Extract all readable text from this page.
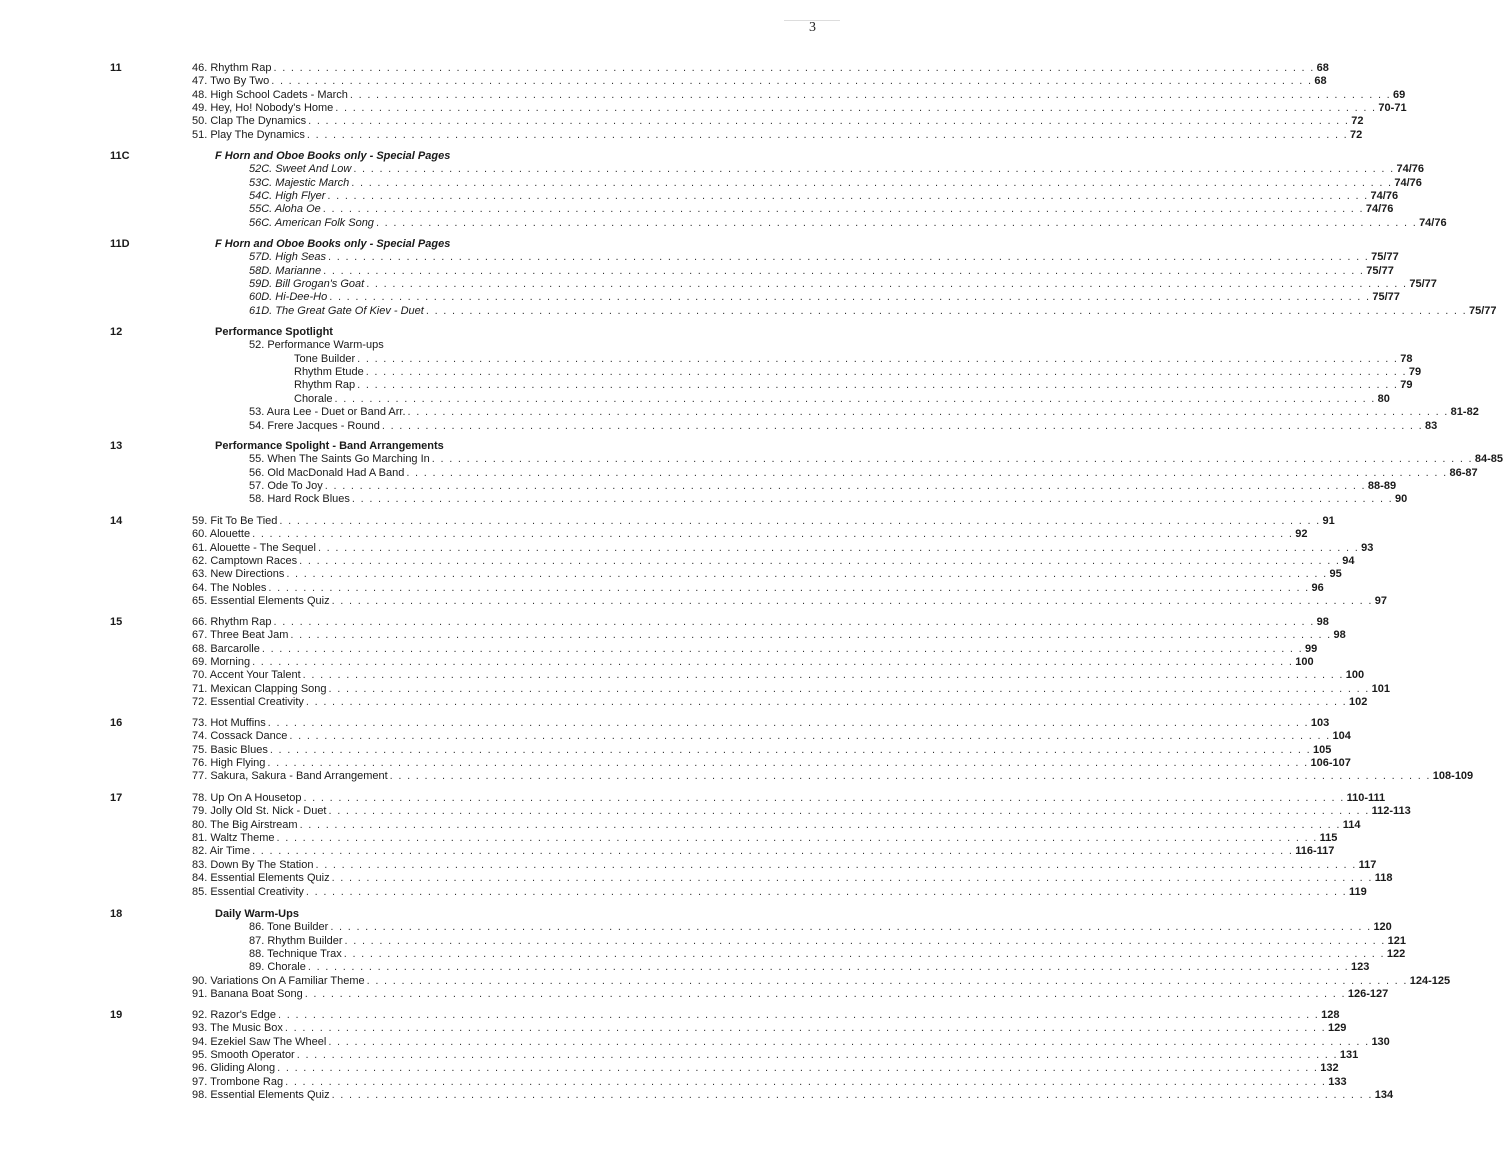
3
11	46. Rhythm Rap . . . . . . . . . . . . . . . . . . . . . . . . . . . . . . . . . . . . . . . . . . . . . . . . . . . . . . . . . . . . . . . . . . . . . . . . . . . . . . . . . . . . . . . . . . . . . . . . . . . . . . . . . . . . . . . . . . . . . . . . 68
47. Two By Two . . . . . . . . . . . . . . . . . . . . . . . . . . . . . . . . . . . . . . . . . . . . . . . . . . . . . . . . . . . . . . . . . . . . . . . . . . . . . . . . . . . . . . . . . . . . . . . . . . . . . . . . . . . . . . . . . . . . . . . . 68
48. High School Cadets - March . . . . . . . . . . . . . . . . . . . . . . . . . . . . . . . . . . . . . . . . . . . . . . . . . . . . . . . . . . . . . . . . . . . . . . . . . . . . . . . . . . . . . . . . . . . . . . . . . . . . . . . . . . . . . . . . . . . . . . . . 69
49. Hey, Ho! Nobody's Home . . . . . . . . . . . . . . . . . . . . . . . . . . . . . . . . . . . . . . . . . . . . . . . . . . . . . . . . . . . . . . . . . . . . . . . . . . . . . . . . . . . . . . . . . . . . . . . . . . . . . . . . . . . . . . . . . . . . . . . . 70-71
50. Clap The Dynamics . . . . . . . . . . . . . . . . . . . . . . . . . . . . . . . . . . . . . . . . . . . . . . . . . . . . . . . . . . . . . . . . . . . . . . . . . . . . . . . . . . . . . . . . . . . . . . . . . . . . . . . . . . . . . . . . . . . . . . . . 72
51. Play The Dynamics . . . . . . . . . . . . . . . . . . . . . . . . . . . . . . . . . . . . . . . . . . . . . . . . . . . . . . . . . . . . . . . . . . . . . . . . . . . . . . . . . . . . . . . . . . . . . . . . . . . . . . . . . . . . . . . . . . . . . . . . 72
11C	F Horn and Oboe Books only - Special Pages
52C. Sweet And Low . . . . . . . . . . . . . . . . . . . . . . . . . . . . . . . . . . . . . . . . . . . . . . . . . . . . . . . . . . . . . . . . . . . . . . . . . . . . . . . . . . . . . . . . . . . . . . . . . . . . . . . . . . . . . . . . . . . . . . . . 74/76
53C. Majestic March . . . . . . . . . . . . . . . . . . . . . . . . . . . . . . . . . . . . . . . . . . . . . . . . . . . . . . . . . . . . . . . . . . . . . . . . . . . . . . . . . . . . . . . . . . . . . . . . . . . . . . . . . . . . . . . . . . . . . . . . 74/76
54C. High Flyer . . . . . . . . . . . . . . . . . . . . . . . . . . . . . . . . . . . . . . . . . . . . . . . . . . . . . . . . . . . . . . . . . . . . . . . . . . . . . . . . . . . . . . . . . . . . . . . . . . . . . . . . . . . . . . . . . . . . . . . . 74/76
55C. Aloha Oe . . . . . . . . . . . . . . . . . . . . . . . . . . . . . . . . . . . . . . . . . . . . . . . . . . . . . . . . . . . . . . . . . . . . . . . . . . . . . . . . . . . . . . . . . . . . . . . . . . . . . . . . . . . . . . . . . . . . . . . . 74/76
56C. American Folk Song . . . . . . . . . . . . . . . . . . . . . . . . . . . . . . . . . . . . . . . . . . . . . . . . . . . . . . . . . . . . . . . . . . . . . . . . . . . . . . . . . . . . . . . . . . . . . . . . . . . . . . . . . . . . . . . . . . . . . . . . 74/76
11D	F Horn and Oboe Books only - Special Pages
57D. High Seas . . . . . . . . . . . . . . . . . . . . . . . . . . . . . . . . . . . . . . . . . . . . . . . . . . . . . . . . . . . . . . . . . . . . . . . . . . . . . . . . . . . . . . . . . . . . . . . . . . . . . . . . . . . . . . . . . . . . . . . . 75/77
58D. Marianne . . . . . . . . . . . . . . . . . . . . . . . . . . . . . . . . . . . . . . . . . . . . . . . . . . . . . . . . . . . . . . . . . . . . . . . . . . . . . . . . . . . . . . . . . . . . . . . . . . . . . . . . . . . . . . . . . . . . . . . . 75/77
59D. Bill Grogan's Goat . . . . . . . . . . . . . . . . . . . . . . . . . . . . . . . . . . . . . . . . . . . . . . . . . . . . . . . . . . . . . . . . . . . . . . . . . . . . . . . . . . . . . . . . . . . . . . . . . . . . . . . . . . . . . . . . . . . . . . . . 75/77
60D. Hi-Dee-Ho . . . . . . . . . . . . . . . . . . . . . . . . . . . . . . . . . . . . . . . . . . . . . . . . . . . . . . . . . . . . . . . . . . . . . . . . . . . . . . . . . . . . . . . . . . . . . . . . . . . . . . . . . . . . . . . . . . . . . . . . 75/77
61D. The Great Gate Of Kiev - Duet . . . . . . . . . . . . . . . . . . . . . . . . . . . . . . . . . . . . . . . . . . . . . . . . . . . . . . . . . . . . . . . . . . . . . . . . . . . . . . . . . . . . . . . . . . . . . . . . . . . . . . . . . . . . . . . . . . . . . . . . 75/77
12	Performance Spotlight
52. Performance Warm-ups
Tone Builder . . . . . . . . . . . . . . . . . . . . . . . . . . . . . . . . . . . . . . . . . . . . . . . . . . . . . . . . . . . . . . . . . . . . . . . . . . . . . . . . . . . . . . . . . . . . . . . . . . . . . . . . . . . . . . . . . . . . . . . . 78
Rhythm Etude . . . . . . . . . . . . . . . . . . . . . . . . . . . . . . . . . . . . . . . . . . . . . . . . . . . . . . . . . . . . . . . . . . . . . . . . . . . . . . . . . . . . . . . . . . . . . . . . . . . . . . . . . . . . . . . . . . . . . . . . 79
Rhythm Rap . . . . . . . . . . . . . . . . . . . . . . . . . . . . . . . . . . . . . . . . . . . . . . . . . . . . . . . . . . . . . . . . . . . . . . . . . . . . . . . . . . . . . . . . . . . . . . . . . . . . . . . . . . . . . . . . . . . . . . . . 79
Chorale . . . . . . . . . . . . . . . . . . . . . . . . . . . . . . . . . . . . . . . . . . . . . . . . . . . . . . . . . . . . . . . . . . . . . . . . . . . . . . . . . . . . . . . . . . . . . . . . . . . . . . . . . . . . . . . . . . . . . . . . 80
53. Aura Lee - Duet or Band Arr. . . . . . . . . . . . . . . . . . . . . . . . . . . . . . . . . . . . . . . . . . . . . . . . . . . . . . . . . . . . . . . . . . . . . . . . . . . . . . . . . . . . . . . . . . . . . . . . . . . . . . . . . . . . . . . . . . . . . . . . . 81-82
54. Frere Jacques - Round . . . . . . . . . . . . . . . . . . . . . . . . . . . . . . . . . . . . . . . . . . . . . . . . . . . . . . . . . . . . . . . . . . . . . . . . . . . . . . . . . . . . . . . . . . . . . . . . . . . . . . . . . . . . . . . . . . . . . . . . 83
13	Performance Spolight - Band Arrangements
55. When The Saints Go Marching In . . . . . . . . . . . . . . . . . . . . . . . . . . . . . . . . . . . . . . . . . . . . . . . . . . . . . . . . . . . . . . . . . . . . . . . . . . . . . . . . . . . . . . . . . . . . . . . . . . . . . . . . . . . . . . . . . . . . . . . . 84-85
56. Old MacDonald Had A Band . . . . . . . . . . . . . . . . . . . . . . . . . . . . . . . . . . . . . . . . . . . . . . . . . . . . . . . . . . . . . . . . . . . . . . . . . . . . . . . . . . . . . . . . . . . . . . . . . . . . . . . . . . . . . . . . . . . . . . . . 86-87
57. Ode To Joy . . . . . . . . . . . . . . . . . . . . . . . . . . . . . . . . . . . . . . . . . . . . . . . . . . . . . . . . . . . . . . . . . . . . . . . . . . . . . . . . . . . . . . . . . . . . . . . . . . . . . . . . . . . . . . . . . . . . . . . . 88-89
58. Hard Rock Blues . . . . . . . . . . . . . . . . . . . . . . . . . . . . . . . . . . . . . . . . . . . . . . . . . . . . . . . . . . . . . . . . . . . . . . . . . . . . . . . . . . . . . . . . . . . . . . . . . . . . . . . . . . . . . . . . . . . . . . . . 90
14	59. Fit To Be Tied . . . . . . . . . . . . . . . . . . . . . . . . . . . . . . . . . . . . . . . . . . . . . . . . . . . . . . . . . . . . . . . . . . . . . . . . . . . . . . . . . . . . . . . . . . . . . . . . . . . . . . . . . . . . . . . . . . . . . . . . 91
60. Alouette . . . . . . . . . . . . . . . . . . . . . . . . . . . . . . . . . . . . . . . . . . . . . . . . . . . . . . . . . . . . . . . . . . . . . . . . . . . . . . . . . . . . . . . . . . . . . . . . . . . . . . . . . . . . . . . . . . . . . . . . 92
61. Alouette - The Sequel . . . . . . . . . . . . . . . . . . . . . . . . . . . . . . . . . . . . . . . . . . . . . . . . . . . . . . . . . . . . . . . . . . . . . . . . . . . . . . . . . . . . . . . . . . . . . . . . . . . . . . . . . . . . . . . . . . . . . . . . 93
62. Camptown Races . . . . . . . . . . . . . . . . . . . . . . . . . . . . . . . . . . . . . . . . . . . . . . . . . . . . . . . . . . . . . . . . . . . . . . . . . . . . . . . . . . . . . . . . . . . . . . . . . . . . . . . . . . . . . . . . . . . . . . . . 94
63. New Directions . . . . . . . . . . . . . . . . . . . . . . . . . . . . . . . . . . . . . . . . . . . . . . . . . . . . . . . . . . . . . . . . . . . . . . . . . . . . . . . . . . . . . . . . . . . . . . . . . . . . . . . . . . . . . . . . . . . . . . . . 95
64. The Nobles . . . . . . . . . . . . . . . . . . . . . . . . . . . . . . . . . . . . . . . . . . . . . . . . . . . . . . . . . . . . . . . . . . . . . . . . . . . . . . . . . . . . . . . . . . . . . . . . . . . . . . . . . . . . . . . . . . . . . . . . 96
65. Essential Elements Quiz . . . . . . . . . . . . . . . . . . . . . . . . . . . . . . . . . . . . . . . . . . . . . . . . . . . . . . . . . . . . . . . . . . . . . . . . . . . . . . . . . . . . . . . . . . . . . . . . . . . . . . . . . . . . . . . . . . . . . . . . 97
15	66. Rhythm Rap . . . . . . . . . . . . . . . . . . . . . . . . . . . . . . . . . . . . . . . . . . . . . . . . . . . . . . . . . . . . . . . . . . . . . . . . . . . . . . . . . . . . . . . . . . . . . . . . . . . . . . . . . . . . . . . . . . . . . . . . 98
67. Three Beat Jam . . . . . . . . . . . . . . . . . . . . . . . . . . . . . . . . . . . . . . . . . . . . . . . . . . . . . . . . . . . . . . . . . . . . . . . . . . . . . . . . . . . . . . . . . . . . . . . . . . . . . . . . . . . . . . . . . . . . . . . . 98
68. Barcarolle . . . . . . . . . . . . . . . . . . . . . . . . . . . . . . . . . . . . . . . . . . . . . . . . . . . . . . . . . . . . . . . . . . . . . . . . . . . . . . . . . . . . . . . . . . . . . . . . . . . . . . . . . . . . . . . . . . . . . . . . 99
69. Morning . . . . . . . . . . . . . . . . . . . . . . . . . . . . . . . . . . . . . . . . . . . . . . . . . . . . . . . . . . . . . . . . . . . . . . . . . . . . . . . . . . . . . . . . . . . . . . . . . . . . . . . . . . . . . . . . . . . . . . . . 100
70. Accent Your Talent . . . . . . . . . . . . . . . . . . . . . . . . . . . . . . . . . . . . . . . . . . . . . . . . . . . . . . . . . . . . . . . . . . . . . . . . . . . . . . . . . . . . . . . . . . . . . . . . . . . . . . . . . . . . . . . . . . . . . . . . 100
71. Mexican Clapping Song . . . . . . . . . . . . . . . . . . . . . . . . . . . . . . . . . . . . . . . . . . . . . . . . . . . . . . . . . . . . . . . . . . . . . . . . . . . . . . . . . . . . . . . . . . . . . . . . . . . . . . . . . . . . . . . . . . . . . . . . 101
72. Essential Creativity . . . . . . . . . . . . . . . . . . . . . . . . . . . . . . . . . . . . . . . . . . . . . . . . . . . . . . . . . . . . . . . . . . . . . . . . . . . . . . . . . . . . . . . . . . . . . . . . . . . . . . . . . . . . . . . . . . . . . . . . 102
16	73. Hot Muffins . . . . . . . . . . . . . . . . . . . . . . . . . . . . . . . . . . . . . . . . . . . . . . . . . . . . . . . . . . . . . . . . . . . . . . . . . . . . . . . . . . . . . . . . . . . . . . . . . . . . . . . . . . . . . . . . . . . . . . . . 103
74. Cossack Dance . . . . . . . . . . . . . . . . . . . . . . . . . . . . . . . . . . . . . . . . . . . . . . . . . . . . . . . . . . . . . . . . . . . . . . . . . . . . . . . . . . . . . . . . . . . . . . . . . . . . . . . . . . . . . . . . . . . . . . . . 104
75. Basic Blues . . . . . . . . . . . . . . . . . . . . . . . . . . . . . . . . . . . . . . . . . . . . . . . . . . . . . . . . . . . . . . . . . . . . . . . . . . . . . . . . . . . . . . . . . . . . . . . . . . . . . . . . . . . . . . . . . . . . . . . . 105
76. High Flying . . . . . . . . . . . . . . . . . . . . . . . . . . . . . . . . . . . . . . . . . . . . . . . . . . . . . . . . . . . . . . . . . . . . . . . . . . . . . . . . . . . . . . . . . . . . . . . . . . . . . . . . . . . . . . . . . . . . . . . . 106-107
77. Sakura, Sakura - Band Arrangement . . . . . . . . . . . . . . . . . . . . . . . . . . . . . . . . . . . . . . . . . . . . . . . . . . . . . . . . . . . . . . . . . . . . . . . . . . . . . . . . . . . . . . . . . . . . . . . . . . . . . . . . . . . . . . . . . . . . . . . . 108-109
17	78. Up On A Housetop . . . . . . . . . . . . . . . . . . . . . . . . . . . . . . . . . . . . . . . . . . . . . . . . . . . . . . . . . . . . . . . . . . . . . . . . . . . . . . . . . . . . . . . . . . . . . . . . . . . . . . . . . . . . . . . . . . . . . . . . 110-111
79. Jolly Old St. Nick - Duet . . . . . . . . . . . . . . . . . . . . . . . . . . . . . . . . . . . . . . . . . . . . . . . . . . . . . . . . . . . . . . . . . . . . . . . . . . . . . . . . . . . . . . . . . . . . . . . . . . . . . . . . . . . . . . . . . . . . . . . . 112-113
80. The Big Airstream . . . . . . . . . . . . . . . . . . . . . . . . . . . . . . . . . . . . . . . . . . . . . . . . . . . . . . . . . . . . . . . . . . . . . . . . . . . . . . . . . . . . . . . . . . . . . . . . . . . . . . . . . . . . . . . . . . . . . . . . 114
81. Waltz Theme . . . . . . . . . . . . . . . . . . . . . . . . . . . . . . . . . . . . . . . . . . . . . . . . . . . . . . . . . . . . . . . . . . . . . . . . . . . . . . . . . . . . . . . . . . . . . . . . . . . . . . . . . . . . . . . . . . . . . . . . 115
82. Air Time . . . . . . . . . . . . . . . . . . . . . . . . . . . . . . . . . . . . . . . . . . . . . . . . . . . . . . . . . . . . . . . . . . . . . . . . . . . . . . . . . . . . . . . . . . . . . . . . . . . . . . . . . . . . . . . . . . . . . . . . 116-117
83. Down By The Station . . . . . . . . . . . . . . . . . . . . . . . . . . . . . . . . . . . . . . . . . . . . . . . . . . . . . . . . . . . . . . . . . . . . . . . . . . . . . . . . . . . . . . . . . . . . . . . . . . . . . . . . . . . . . . . . . . . . . . . . 117
84. Essential Elements Quiz . . . . . . . . . . . . . . . . . . . . . . . . . . . . . . . . . . . . . . . . . . . . . . . . . . . . . . . . . . . . . . . . . . . . . . . . . . . . . . . . . . . . . . . . . . . . . . . . . . . . . . . . . . . . . . . . . . . . . . . . 118
85. Essential Creativity . . . . . . . . . . . . . . . . . . . . . . . . . . . . . . . . . . . . . . . . . . . . . . . . . . . . . . . . . . . . . . . . . . . . . . . . . . . . . . . . . . . . . . . . . . . . . . . . . . . . . . . . . . . . . . . . . . . . . . . . 119
18	Daily Warm-Ups
86. Tone Builder . . . . . . . . . . . . . . . . . . . . . . . . . . . . . . . . . . . . . . . . . . . . . . . . . . . . . . . . . . . . . . . . . . . . . . . . . . . . . . . . . . . . . . . . . . . . . . . . . . . . . . . . . . . . . . . . . . . . . . . . 120
87. Rhythm Builder . . . . . . . . . . . . . . . . . . . . . . . . . . . . . . . . . . . . . . . . . . . . . . . . . . . . . . . . . . . . . . . . . . . . . . . . . . . . . . . . . . . . . . . . . . . . . . . . . . . . . . . . . . . . . . . . . . . . . . . . 121
88. Technique Trax . . . . . . . . . . . . . . . . . . . . . . . . . . . . . . . . . . . . . . . . . . . . . . . . . . . . . . . . . . . . . . . . . . . . . . . . . . . . . . . . . . . . . . . . . . . . . . . . . . . . . . . . . . . . . . . . . . . . . . . . 122
89. Chorale . . . . . . . . . . . . . . . . . . . . . . . . . . . . . . . . . . . . . . . . . . . . . . . . . . . . . . . . . . . . . . . . . . . . . . . . . . . . . . . . . . . . . . . . . . . . . . . . . . . . . . . . . . . . . . . . . . . . . . . . 123
90. Variations On A Familiar Theme . . . . . . . . . . . . . . . . . . . . . . . . . . . . . . . . . . . . . . . . . . . . . . . . . . . . . . . . . . . . . . . . . . . . . . . . . . . . . . . . . . . . . . . . . . . . . . . . . . . . . . . . . . . . . . . . . . . . . . . . 124-125
91. Banana Boat Song . . . . . . . . . . . . . . . . . . . . . . . . . . . . . . . . . . . . . . . . . . . . . . . . . . . . . . . . . . . . . . . . . . . . . . . . . . . . . . . . . . . . . . . . . . . . . . . . . . . . . . . . . . . . . . . . . . . . . . . . 126-127
19	92. Razor's Edge . . . . . . . . . . . . . . . . . . . . . . . . . . . . . . . . . . . . . . . . . . . . . . . . . . . . . . . . . . . . . . . . . . . . . . . . . . . . . . . . . . . . . . . . . . . . . . . . . . . . . . . . . . . . . . . . . . . . . . . . 128
93. The Music Box . . . . . . . . . . . . . . . . . . . . . . . . . . . . . . . . . . . . . . . . . . . . . . . . . . . . . . . . . . . . . . . . . . . . . . . . . . . . . . . . . . . . . . . . . . . . . . . . . . . . . . . . . . . . . . . . . . . . . . . . 129
94. Ezekiel Saw The Wheel . . . . . . . . . . . . . . . . . . . . . . . . . . . . . . . . . . . . . . . . . . . . . . . . . . . . . . . . . . . . . . . . . . . . . . . . . . . . . . . . . . . . . . . . . . . . . . . . . . . . . . . . . . . . . . . . . . . . . . . . 130
95. Smooth Operator . . . . . . . . . . . . . . . . . . . . . . . . . . . . . . . . . . . . . . . . . . . . . . . . . . . . . . . . . . . . . . . . . . . . . . . . . . . . . . . . . . . . . . . . . . . . . . . . . . . . . . . . . . . . . . . . . . . . . . . . 131
96. Gliding Along . . . . . . . . . . . . . . . . . . . . . . . . . . . . . . . . . . . . . . . . . . . . . . . . . . . . . . . . . . . . . . . . . . . . . . . . . . . . . . . . . . . . . . . . . . . . . . . . . . . . . . . . . . . . . . . . . . . . . . . . 132
97. Trombone Rag . . . . . . . . . . . . . . . . . . . . . . . . . . . . . . . . . . . . . . . . . . . . . . . . . . . . . . . . . . . . . . . . . . . . . . . . . . . . . . . . . . . . . . . . . . . . . . . . . . . . . . . . . . . . . . . . . . . . . . . . 133
98. Essential Elements Quiz . . . . . . . . . . . . . . . . . . . . . . . . . . . . . . . . . . . . . . . . . . . . . . . . . . . . . . . . . . . . . . . . . . . . . . . . . . . . . . . . . . . . . . . . . . . . . . . . . . . . . . . . . . . . . . . . . . . . . . . . 134
